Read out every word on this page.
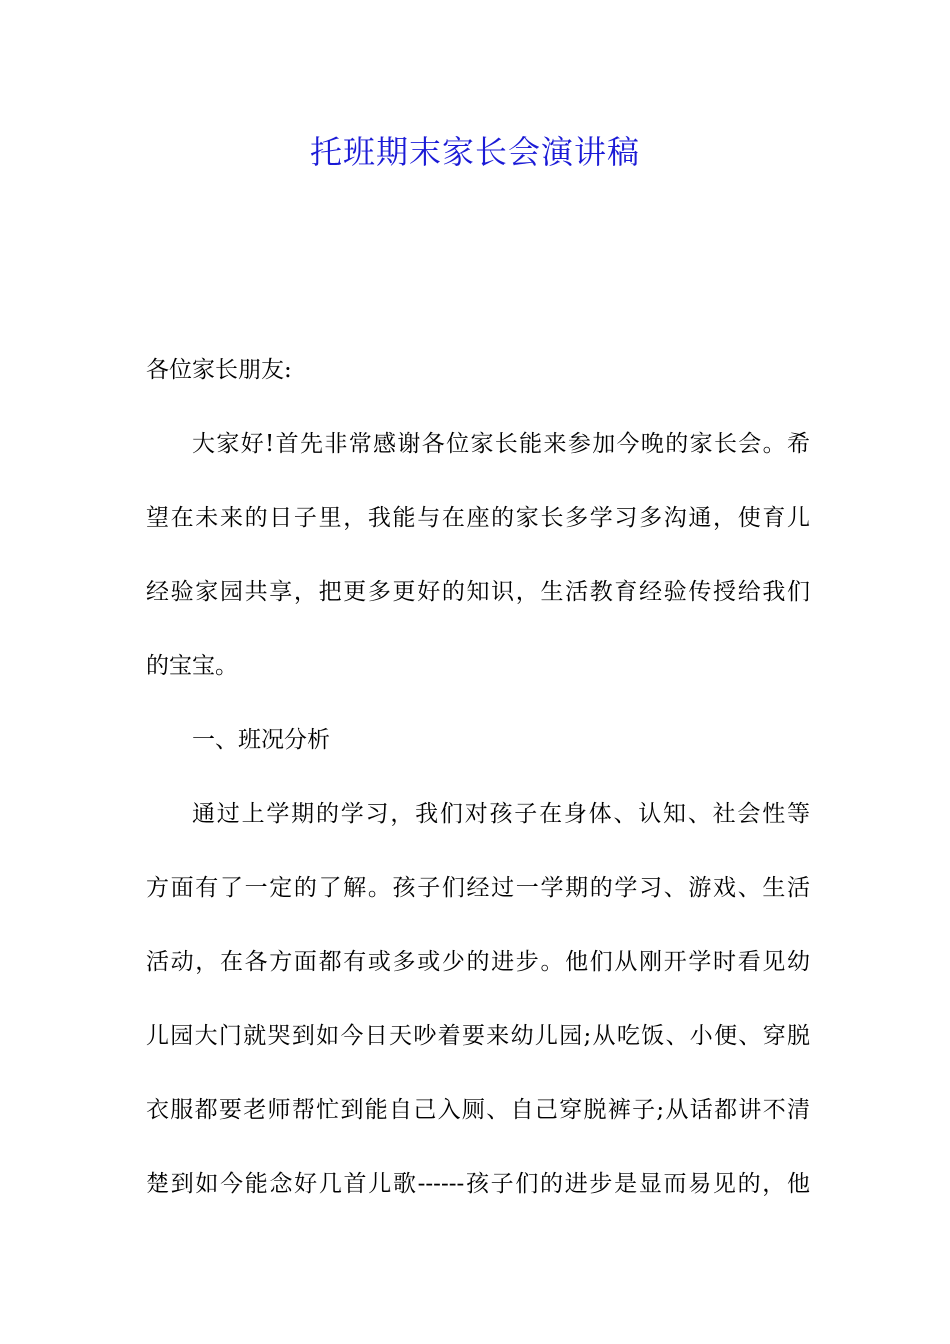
托班期末家长会演讲稿

各位家长朋友:

大家好!首先非常感谢各位家长能来参加今晚的家长会。希
望在未来的日子里，我能与在座的家长多学习多沟通，使育儿
经验家园共享，把更多更好的知识，生活教育经验传授给我们
的宝宝。

一、班况分析

通过上学期的学习，我们对孩子在身体、认知、社会性等
方面有了一定的了解。孩子们经过一学期的学习、游戏、生活
活动，在各方面都有或多或少的进步。他们从刚开学时看见幼
儿园大门就哭到如今日天吵着要来幼儿园;从吃饭、小便、穿脱
衣服都要老师帮忙到能自己入厕、自己穿脱裤子;从话都讲不清
楚到如今能念好几首儿歌------孩子们的进步是显而易见的，他
